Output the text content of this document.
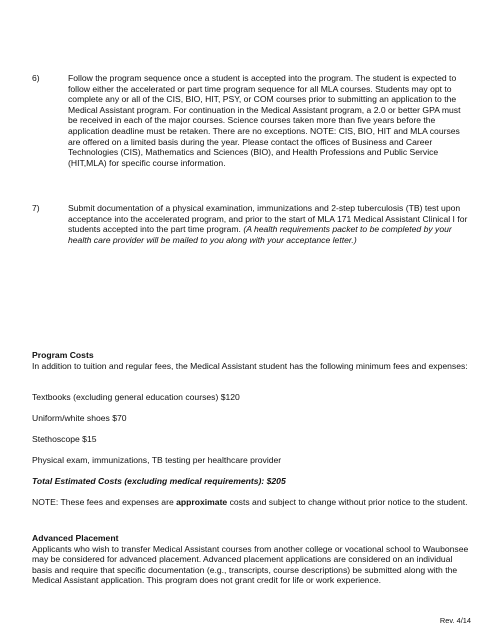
6)	Follow the program sequence once a student is accepted into the program. The student is expected to follow either the accelerated or part time program sequence for all MLA courses. Students may opt to complete any or all of the CIS, BIO, HIT, PSY, or COM courses prior to submitting an application to the Medical Assistant program. For continuation in the Medical Assistant program, a 2.0 or better GPA must be received in each of the major courses. Science courses taken more than five years before the application deadline must be retaken. There are no exceptions. NOTE: CIS, BIO, HIT and MLA courses are offered on a limited basis during the year. Please contact the offices of Business and Career Technologies (CIS), Mathematics and Sciences (BIO), and Health Professions and Public Service (HIT,MLA) for specific course information.
7)	Submit documentation of a physical examination, immunizations and 2-step tuberculosis (TB) test upon acceptance into the accelerated program, and prior to the start of MLA 171 Medical Assistant Clinical I for students accepted into the part time program. (A health requirements packet to be completed by your health care provider will be mailed to you along with your acceptance letter.)
Program Costs
In addition to tuition and regular fees, the Medical Assistant student has the following minimum fees and expenses:
Textbooks (excluding general education courses) $120
Uniform/white shoes $70
Stethoscope $15
Physical exam, immunizations, TB testing per healthcare provider
Total Estimated Costs (excluding medical requirements): $205
NOTE: These fees and expenses are approximate costs and subject to change without prior notice to the student.
Advanced Placement
Applicants who wish to transfer Medical Assistant courses from another college or vocational school to Waubonsee may be considered for advanced placement. Advanced placement applications are considered on an individual basis and require that specific documentation (e.g., transcripts, course descriptions) be submitted along with the Medical Assistant application. This program does not grant credit for life or work experience.
Rev. 4/14
